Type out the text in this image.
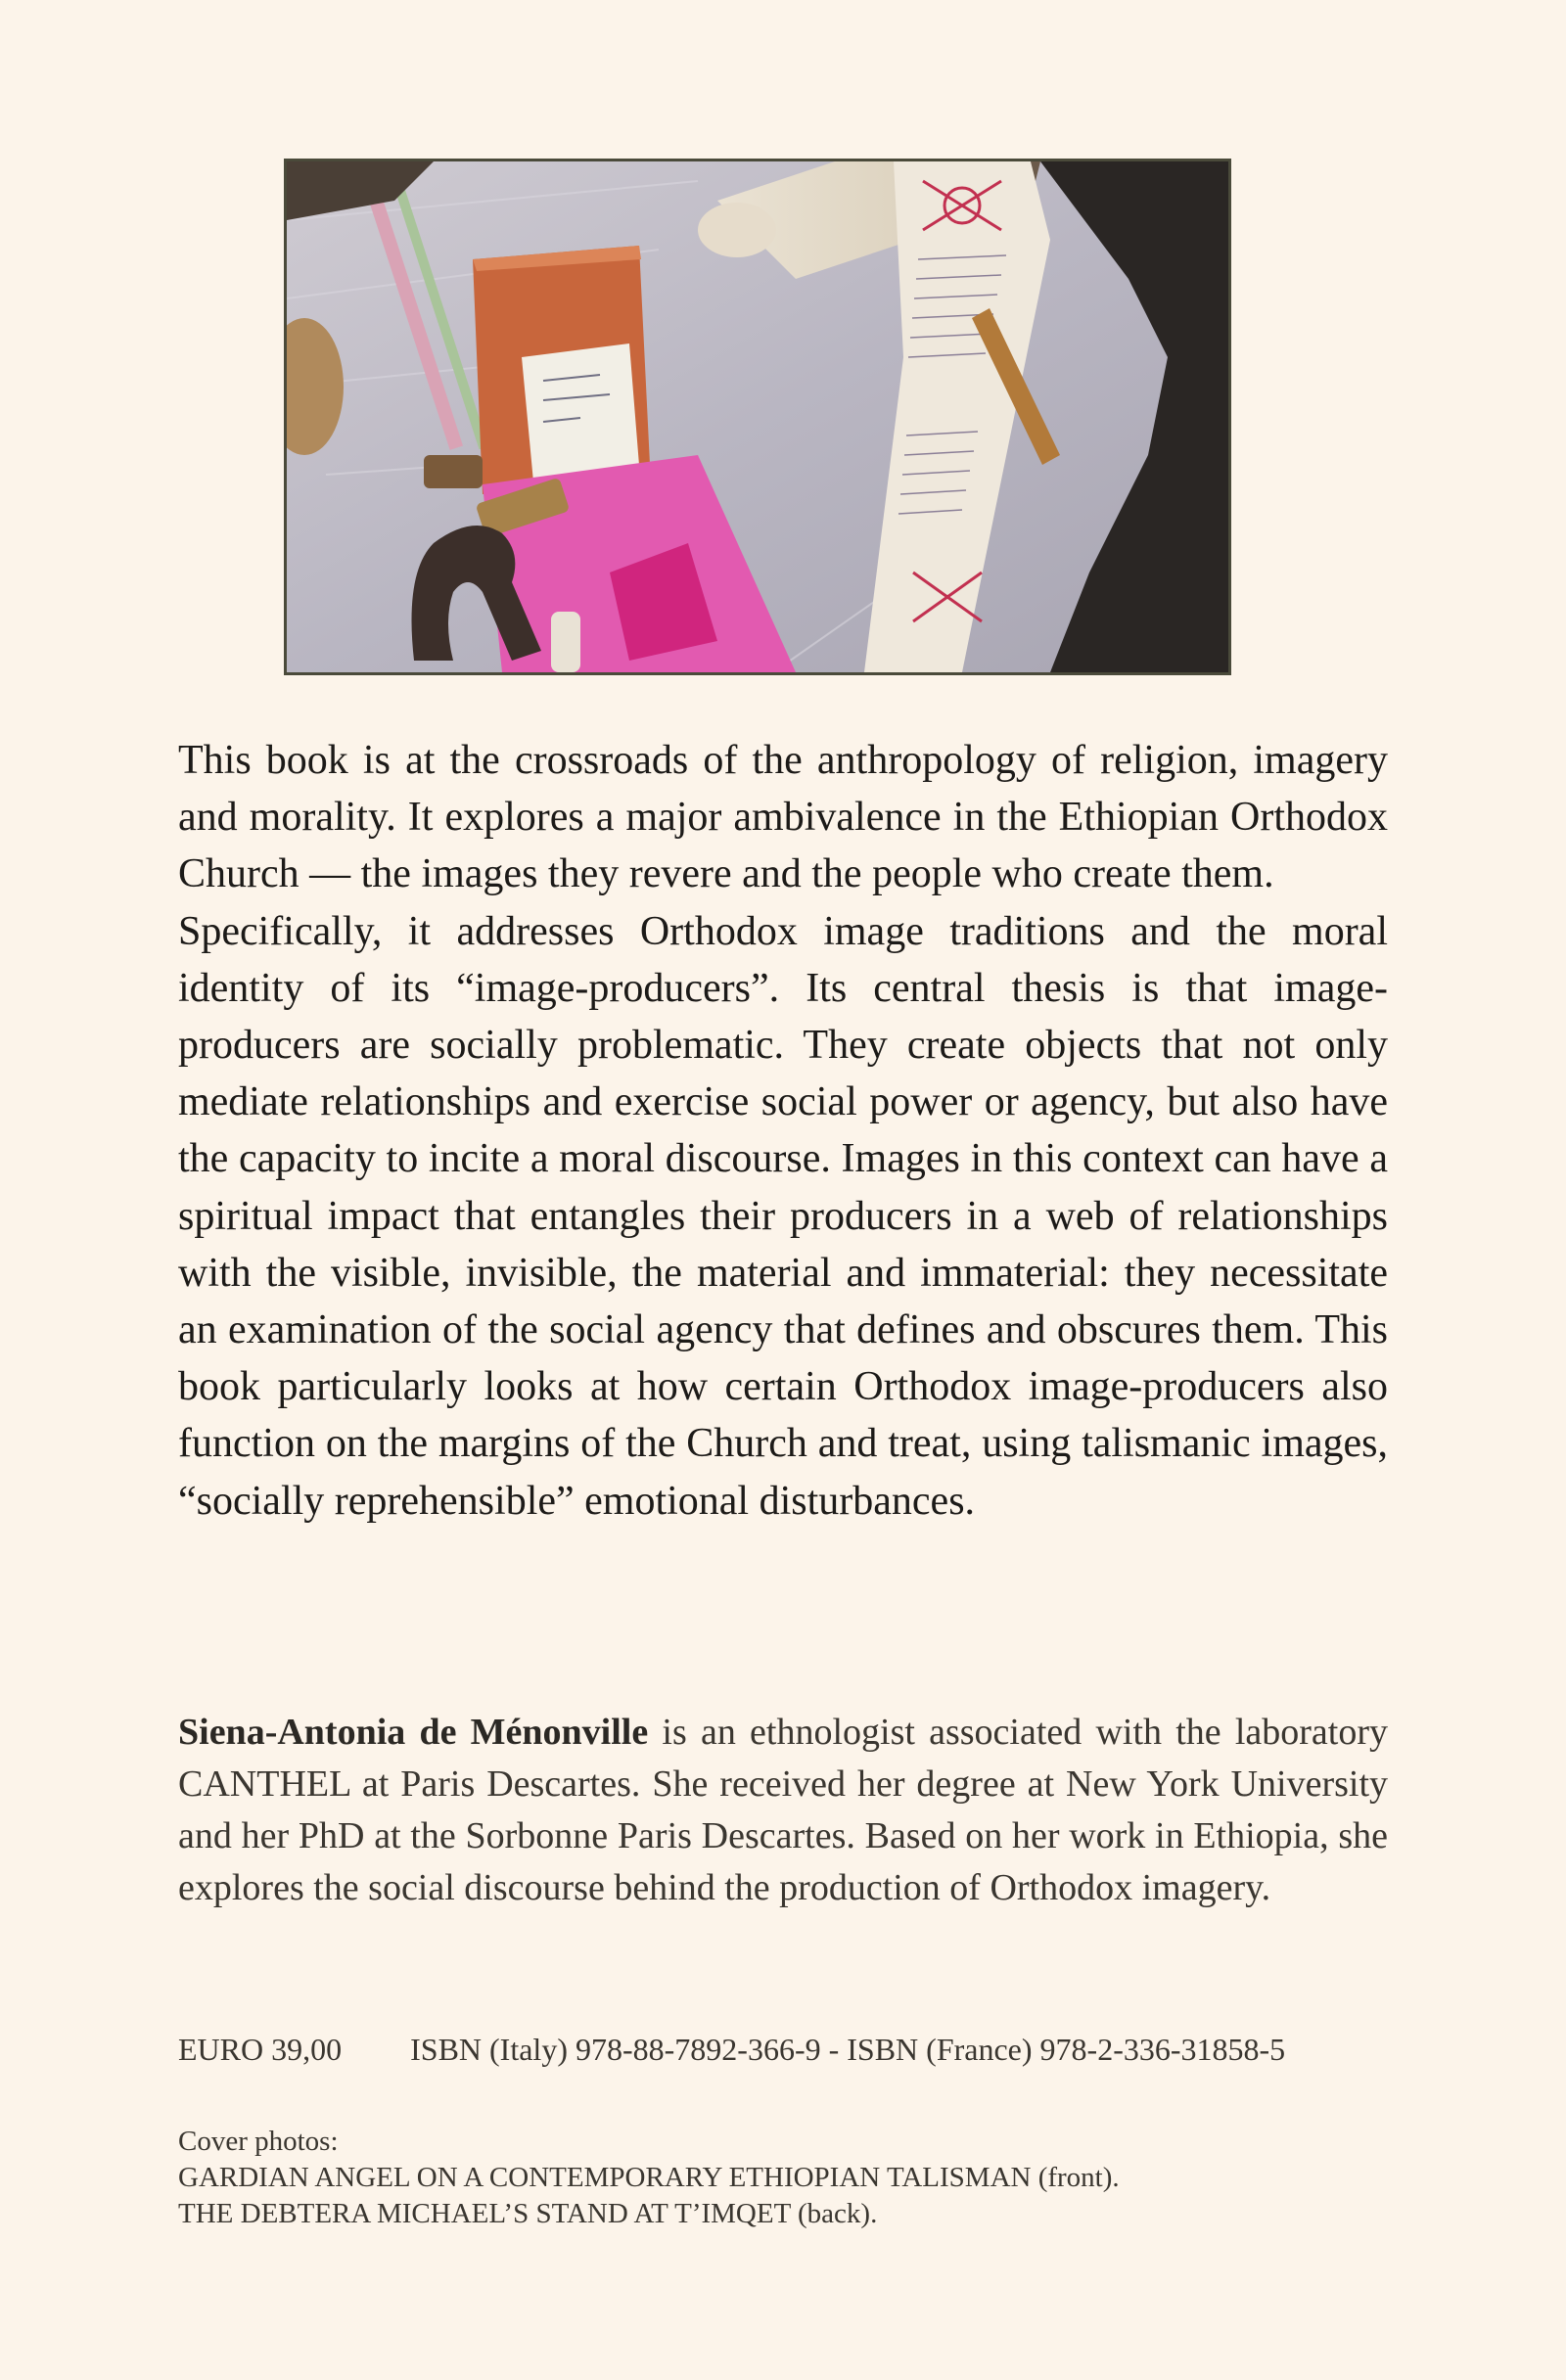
This book is at the crossroads of the anthropology of religion, imagery and morality. It explores a major ambivalence in the Ethiopian Orthodox Church — the images they revere and the people who create them.

Specifically, it addresses Orthodox image traditions and the moral identity of its “image-producers”. Its central thesis is that image-producers are socially problematic. They create objects that not only mediate relationships and exercise social power or agency, but also have the capacity to incite a moral discourse. Images in this context can have a spiritual impact that entangles their producers in a web of relationships with the visible, invisible, the material and immaterial: they necessitate an examination of the social agency that defines and obscures them. This book particularly looks at how certain Orthodox image-producers also function on the margins of the Church and treat, using talismanic images, “socially reprehensible” emotional disturbances.

Siena-Antonia de Ménonville is an ethnologist associated with the laboratory CANTHEL at Paris Descartes. She received her degree at New York University and her PhD at the Sorbonne Paris Descartes. Based on her work in Ethiopia, she explores the social discourse behind the production of Orthodox imagery.
EURO 39,00 ISBN (Italy) 978-88-7892-366-9 - ISBN (France) 978-2-336-31858-5
Cover photos:
GARDIAN ANGEL ON A CONTEMPORARY ETHIOPIAN TALISMAN (front).
THE DEBTERA MICHAEL’S STAND AT T’IMQET (back).
